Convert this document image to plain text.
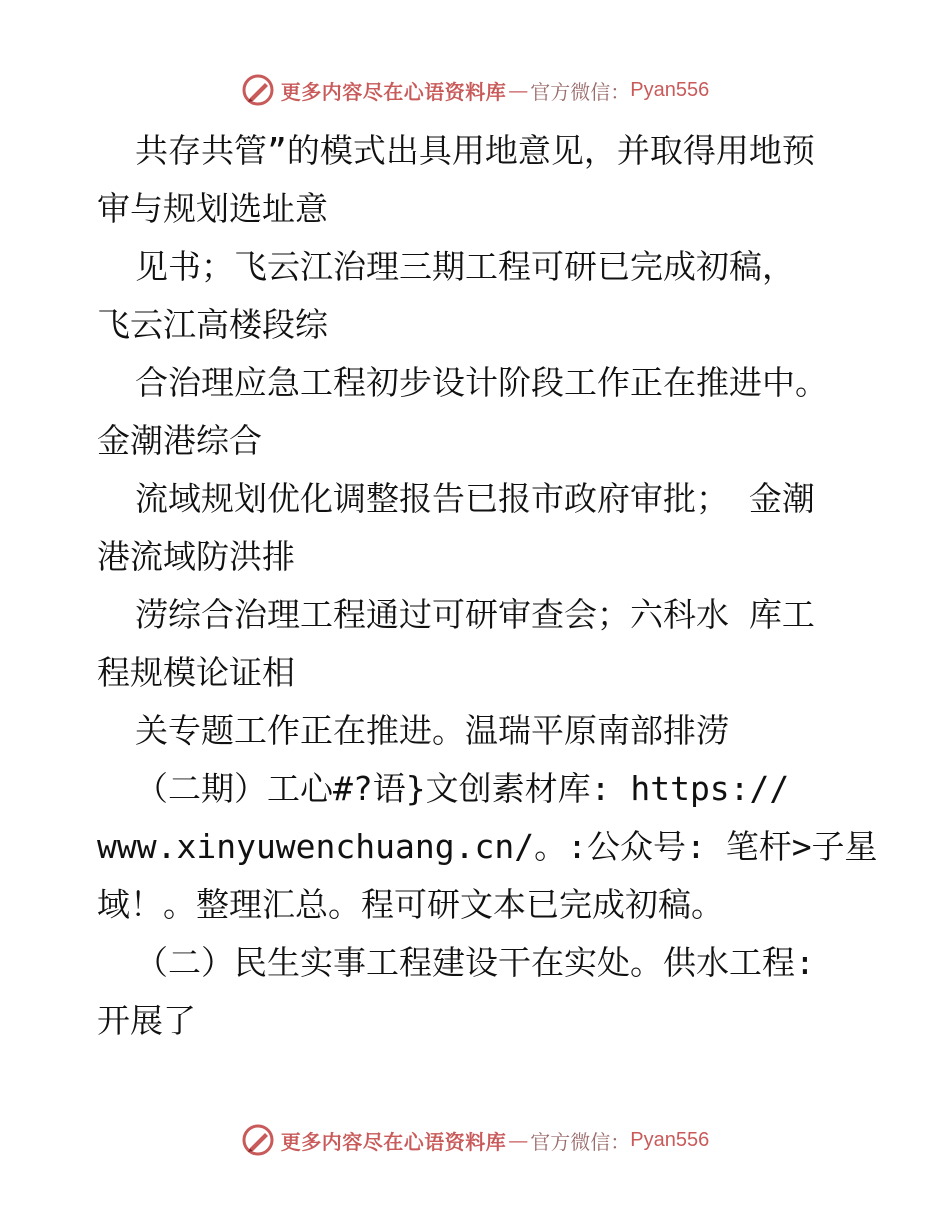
更多内容尽在心语资料库 — 官方微信： Pyan556
共存共管”的模式出具用地意见，并取得用地预
审与规划选址意
见书；飞云江治理三期工程可研已完成初稿，
飞云江高楼段综
合治理应急工程初步设计阶段工作正在推进中。
金潮港综合
流域规划优化调整报告已报市政府审批； 金潮
港流域防洪排
涝综合治理工程通过可研审查会；六科水 库工
程规模论证相
关专题工作正在推进。温瑞平原南部排涝
（二期）工心#?语}文创素材库: https://
www.xinyuwenchuang.cn/。:公众号: 笔杆>子星
域！。整理汇总。程可研文本已完成初稿。
（二）民生实事工程建设干在实处。供水工程:
开展了
更多内容尽在心语资料库 — 官方微信： Pyan556
